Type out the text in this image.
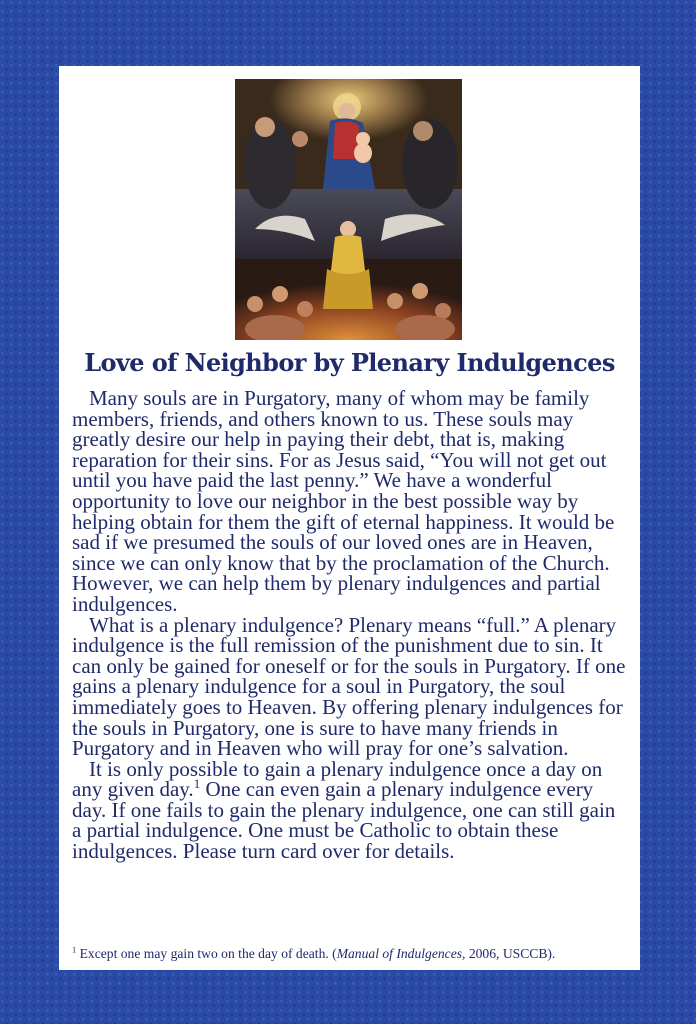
Love of Neighbor by Plenary Indulgences

Many souls are in Purgatory, many of whom may be family members, friends, and others known to us. These souls may greatly desire our help in paying their debt, that is, making reparation for their sins. For as Jesus said, “You will not get out until you have paid the last penny.” We have a wonderful opportunity to love our neighbor in the best possible way by helping obtain for them the gift of eternal happiness. It would be sad if we presumed the souls of our loved ones are in Heaven, since we can only know that by the proclamation of the Church. However, we can help them by plenary indulgences and partial indulgences.

What is a plenary indulgence? Plenary means “full.” A plenary indulgence is the full remission of the punishment due to sin. It can only be gained for oneself or for the souls in Purgatory. If one gains a plenary indulgence for a soul in Purgatory, the soul immediately goes to Heaven. By offering plenary indulgences for the souls in Purgatory, one is sure to have many friends in Purgatory and in Heaven who will pray for one’s salvation.

It is only possible to gain a plenary indulgence once a day on any given day.$^1$ One can even gain a plenary indulgence every day. If one fails to gain the plenary indulgence, one can still gain a partial indulgence. One must be Catholic to obtain these indulgences. Please turn card over for details.

$^1$ Except one may gain two on the day of death. (Manual of Indulgences, 2006, USCCB).
